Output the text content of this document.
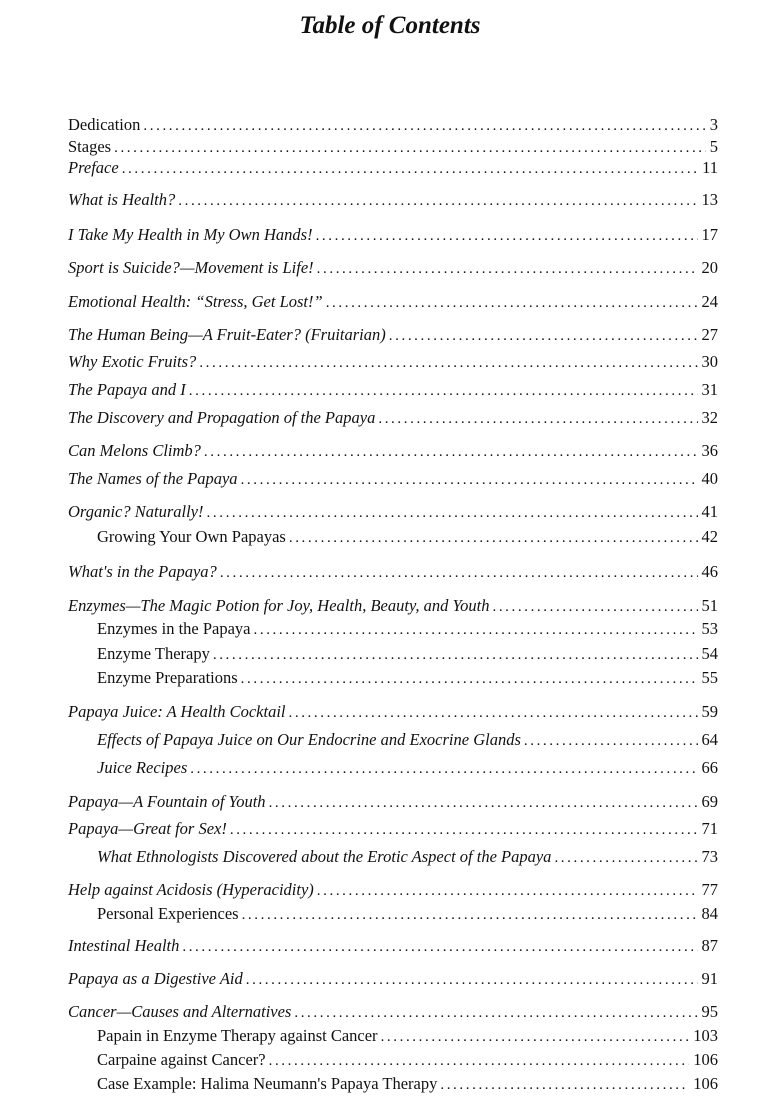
Table of Contents
Dedication .....	3
Stages .....	5
Preface .....	11
What is Health? .....	13
I Take My Health in My Own Hands! .....	17
Sport is Suicide?—Movement is Life! .....	20
Emotional Health: “Stress, Get Lost!” .....	24
The Human Being—A Fruit-Eater? (Fruitarian) .....	27
Why Exotic Fruits? .....	30
The Papaya and I .....	31
The Discovery and Propagation of the Papaya .....	32
Can Melons Climb? .....	36
The Names of the Papaya .....	40
Organic? Naturally! .....	41
Growing Your Own Papayas .....	42
What's in the Papaya? .....	46
Enzymes—The Magic Potion for Joy, Health, Beauty, and Youth .....	51
Enzymes in the Papaya .....	53
Enzyme Therapy .....	54
Enzyme Preparations .....	55
Papaya Juice: A Health Cocktail .....	59
Effects of Papaya Juice on Our Endocrine and Exocrine Glands .....	64
Juice Recipes .....	66
Papaya—A Fountain of Youth .....	69
Papaya—Great for Sex! .....	71
What Ethnologists Discovered about the Erotic Aspect of the Papaya .....	73
Help against Acidosis (Hyperacidity) .....	77
Personal Experiences .....	84
Intestinal Health .....	87
Papaya as a Digestive Aid .....	91
Cancer—Causes and Alternatives .....	95
Papain in Enzyme Therapy against Cancer .....	103
Carpaine against Cancer? .....	106
Case Example: Halima Neumann's Papaya Therapy .....	106
